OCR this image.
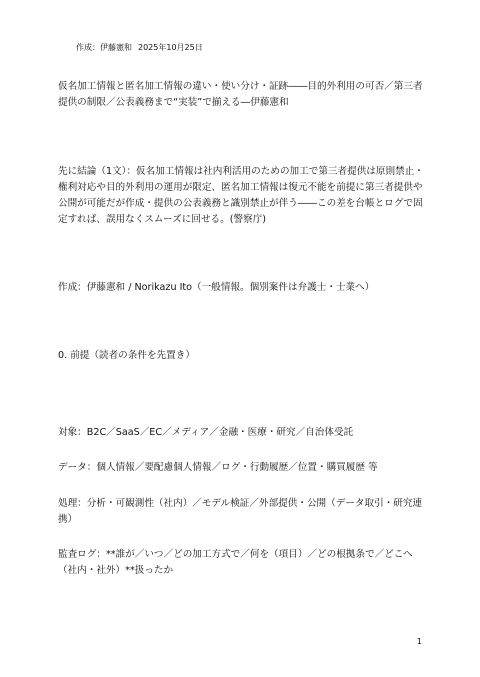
作成：伊藤憲和 2025年10月25日

仮名加工情報と匿名加工情報の違い・使い分け・証跡――目的外利用の可否／第三者提供の制限／公表義務まで“実装”で揃える―伊藤憲和

先に結論（1文）：仮名加工情報は社内利活用のための加工で第三者提供は原則禁止・権利対応や目的外利用の運用が限定、匿名加工情報は復元不能を前提に第三者提供や公開が可能だが作成・提供の公表義務と識別禁止が伴う――この差を台帳とログで固定すれば、誤用なくスムーズに回せる。(警察庁)

作成：伊藤憲和 / Norikazu Ito（一般情報。個別案件は弁護士・士業へ）

0. 前提（読者の条件を先置き）

対象：B2C／SaaS／EC／メディア／金融・医療・研究／自治体受託

データ：個人情報／要配慮個人情報／ログ・行動履歴／位置・購買履歴 等

処理：分析・可観測性（社内）／モデル検証／外部提供・公開（データ取引・研究連携）

監査ログ：**誰が／いつ／どの加工方式で／何を（項目）／どの根拠条で／どこへ（社内・社外）**扱ったか

1
